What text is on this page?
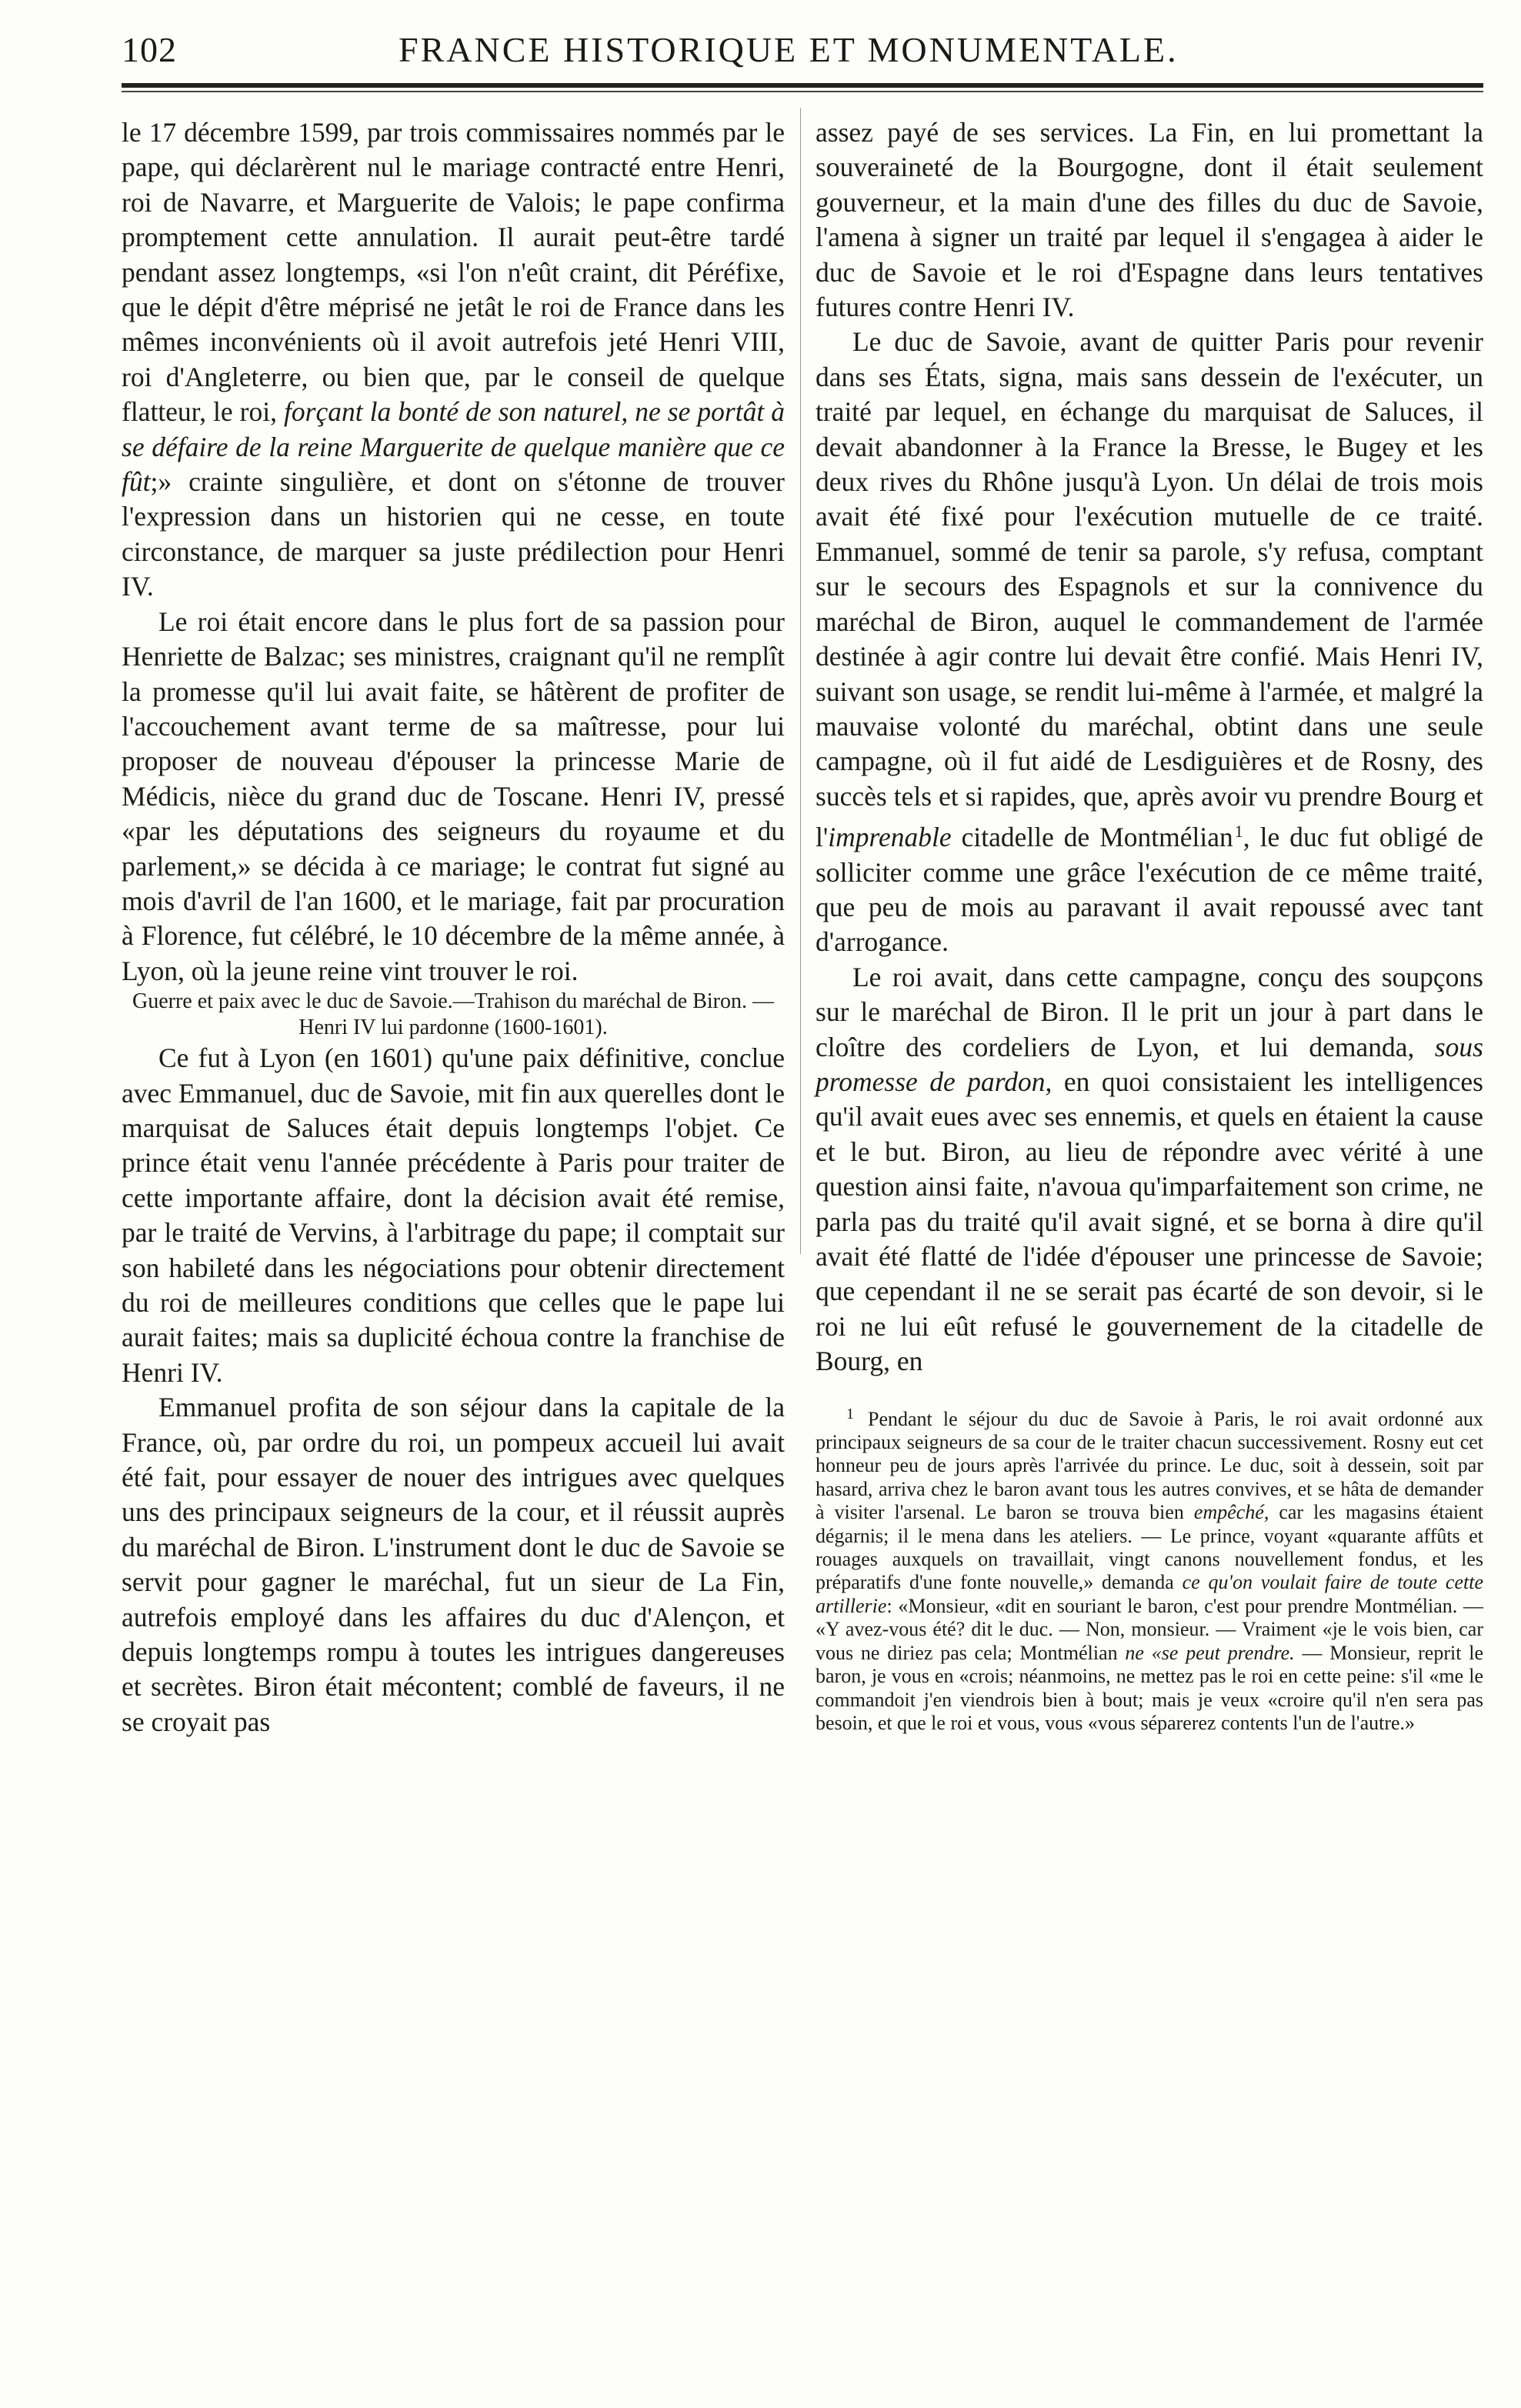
102	FRANCE HISTORIQUE ET MONUMENTALE.

le 17 décembre 1599, par trois commissaires nommés par le pape, qui déclarèrent nul le mariage contracté entre Henri, roi de Navarre, et Marguerite de Valois; le pape confirma promptement cette annulation. Il aurait peut-être tardé pendant assez longtemps, «si l'on n'eût craint, dit Péréfixe, que le dépit d'être méprisé ne jetât le roi de France dans les mêmes inconvénients où il avoit autrefois jeté Henri VIII, roi d'Angleterre, ou bien que, par le conseil de quelque flatteur, le roi, forçant la bonté de son naturel, ne se portât à se défaire de la reine Marguerite de quelque manière que ce fût;» crainte singulière, et dont on s'étonne de trouver l'expression dans un historien qui ne cesse, en toute circonstance, de marquer sa juste prédilection pour Henri IV.

Le roi était encore dans le plus fort de sa passion pour Henriette de Balzac; ses ministres, craignant qu'il ne remplît la promesse qu'il lui avait faite, se hâtèrent de profiter de l'accouchement avant terme de sa maîtresse, pour lui proposer de nouveau d'épouser la princesse Marie de Médicis, nièce du grand duc de Toscane. Henri IV, pressé «par les députations des seigneurs du royaume et du parlement,» se décida à ce mariage; le contrat fut signé au mois d'avril de l'an 1600, et le mariage, fait par procuration à Florence, fut célébré, le 10 décembre de la même année, à Lyon, où la jeune reine vint trouver le roi.

Guerre et paix avec le duc de Savoie.—Trahison du maréchal de Biron. — Henri IV lui pardonne (1600-1601).

Ce fut à Lyon (en 1601) qu'une paix définitive, conclue avec Emmanuel, duc de Savoie, mit fin aux querelles dont le marquisat de Saluces était depuis longtemps l'objet. Ce prince était venu l'année précédente à Paris pour traiter de cette importante affaire, dont la décision avait été remise, par le traité de Vervins, à l'arbitrage du pape; il comptait sur son habileté dans les négociations pour obtenir directement du roi de meilleures conditions que celles que le pape lui aurait faites; mais sa duplicité échoua contre la franchise de Henri IV.

Emmanuel profita de son séjour dans la capitale de la France, où, par ordre du roi, un pompeux accueil lui avait été fait, pour essayer de nouer des intrigues avec quelques uns des principaux seigneurs de la cour, et il réussit auprès du maréchal de Biron. L'instrument dont le duc de Savoie se servit pour gagner le maréchal, fut un sieur de La Fin, autrefois employé dans les affaires du duc d'Alençon, et depuis longtemps rompu à toutes les intrigues dangereuses et secrètes. Biron était mécontent; comblé de faveurs, il ne se croyait pas

assez payé de ses services. La Fin, en lui promettant la souveraineté de la Bourgogne, dont il était seulement gouverneur, et la main d'une des filles du duc de Savoie, l'amena à signer un traité par lequel il s'engagea à aider le duc de Savoie et le roi d'Espagne dans leurs tentatives futures contre Henri IV.

Le duc de Savoie, avant de quitter Paris pour revenir dans ses États, signa, mais sans dessein de l'exécuter, un traité par lequel, en échange du marquisat de Saluces, il devait abandonner à la France la Bresse, le Bugey et les deux rives du Rhône jusqu'à Lyon. Un délai de trois mois avait été fixé pour l'exécution mutuelle de ce traité. Emmanuel, sommé de tenir sa parole, s'y refusa, comptant sur le secours des Espagnols et sur la connivence du maréchal de Biron, auquel le commandement de l'armée destinée à agir contre lui devait être confié. Mais Henri IV, suivant son usage, se rendit lui-même à l'armée, et malgré la mauvaise volonté du maréchal, obtint dans une seule campagne, où il fut aidé de Lesdiguières et de Rosny, des succès tels et si rapides, que, après avoir vu prendre Bourg et l'imprenable citadelle de Montmélian$^1$, le duc fut obligé de solliciter comme une grâce l'exécution de ce même traité, que peu de mois au paravant il avait repoussé avec tant d'arrogance.

Le roi avait, dans cette campagne, conçu des soupçons sur le maréchal de Biron. Il le prit un jour à part dans le cloître des cordeliers de Lyon, et lui demanda, sous promesse de pardon, en quoi consistaient les intelligences qu'il avait eues avec ses ennemis, et quels en étaient la cause et le but. Biron, au lieu de répondre avec vérité à une question ainsi faite, n'avoua qu'imparfaitement son crime, ne parla pas du traité qu'il avait signé, et se borna à dire qu'il avait été flatté de l'idée d'épouser une princesse de Savoie; que cependant il ne se serait pas écarté de son devoir, si le roi ne lui eût refusé le gouvernement de la citadelle de Bourg, en

$^1$ Pendant le séjour du duc de Savoie à Paris, le roi avait ordonné aux principaux seigneurs de sa cour de le traiter chacun successivement. Rosny eut cet honneur peu de jours après l'arrivée du prince. Le duc, soit à dessein, soit par hasard, arriva chez le baron avant tous les autres convives, et se hâta de demander à visiter l'arsenal. Le baron se trouva bien empêché, car les magasins étaient dégarnis; il le mena dans les ateliers. — Le prince, voyant «quarante affûts et rouages auxquels on travaillait, vingt canons nouvellement fondus, et les préparatifs d'une fonte nouvelle,» demanda ce qu'on voulait faire de toute cette artillerie: «Monsieur, «dit en souriant le baron, c'est pour prendre Montmélian. — «Y avez-vous été? dit le duc. — Non, monsieur. — Vraiment «je le vois bien, car vous ne diriez pas cela; Montmélian ne «se peut prendre. — Monsieur, reprit le baron, je vous en «crois; néanmoins, ne mettez pas le roi en cette peine: s'il «me le commandoit j'en viendrois bien à bout; mais je veux «croire qu'il n'en sera pas besoin, et que le roi et vous, vous «vous séparerez contents l'un de l'autre.»
